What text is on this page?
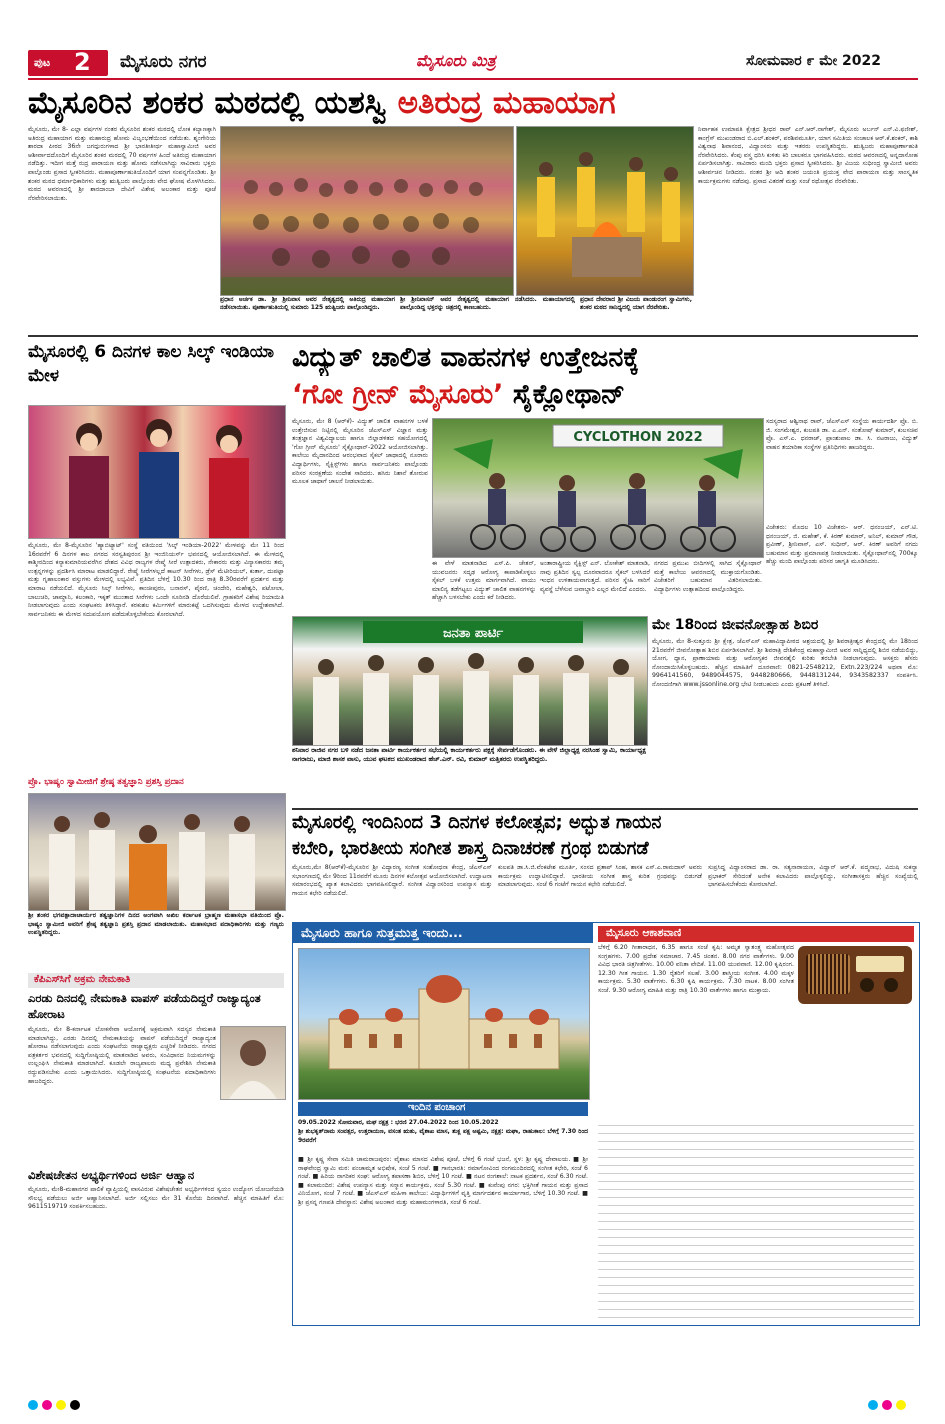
ಪುಟ 2 ಮೈಸೂರು ನಗರ	ಮೈಸೂರು ಮಿತ್ರ	ಸೋಮವಾರ ೯ ಮೇ 2022
ಮೈಸೂರಿನ ಶಂಕರ ಮಠದಲ್ಲಿ ಯಶಸ್ವಿ ಅತಿರುದ್ರ ಮಹಾಯಾಗ
ಮೈಸೂರು, ಮೇ 8- ಎಲ್ಲಾ ವರ್ಷಗಳ ನಂತರ ಮೈಸೂರಿನ ಶಂಕರ ಮಠದಲ್ಲಿ ಲೋಕ ಕಲ್ಯಾಣಕ್ಕಾಗಿ ಅತಿರುದ್ರ ಮಹಾಯಾಗ ಮತ್ತು ಮಹಾರುದ್ರ ಹೋಮ ವಿಜೃಂಭಣೆಯಿಂದ ನಡೆಯಿತು. ಶೃಂಗೇರಿಯ ಶಾರದಾ ಪೀಠದ 36ನೇ ಜಗದ್ಗುರುಗಳಾದ ಶ್ರೀ ಭಾರತೀತೀರ್ಥ ಮಹಾಸ್ವಾಮೀಜಿ ಅವರ ಆಶೀರ್ವಾದದೊಂದಿಗೆ ಮೈಸೂರಿನ ಶಂಕರ ಮಠದಲ್ಲಿ 70 ವರ್ಷಗಳ ಹಿಂದೆ ಅತಿರುದ್ರ ಮಹಾಯಾಗ ನಡೆದಿತ್ತು. ಇದೀಗ ಮತ್ತೆ ರುದ್ರ ಪಾರಾಯಣ ಮತ್ತು ಹೋಮ ನಡೆಸಲಾಗಿದ್ದು ಸಾವಿರಾರು ಭಕ್ತರು ಪಾಲ್ಗೊಂಡು ಪ್ರಸಾದ ಸ್ವೀಕರಿಸಿದರು. ಮಹಾಪೂರ್ಣಾಹುತಿಯೊಂದಿಗೆ ಯಾಗ ಸಂಪನ್ನಗೊಂಡಿತು. ಶ್ರೀ ಶಂಕರ ಮಠದ ಧರ್ಮಾಧಿಕಾರಿಗಳು ಮತ್ತು ಋತ್ವಿಜರು ಪಾಲ್ಗೊಂಡು ವೇದ ಘೋಷ ಮೊಳಗಿಸಿದರು. ಮಠದ ಆವರಣದಲ್ಲಿ ಶ್ರೀ ಶಾರದಾಂಬಾ ದೇವಿಗೆ ವಿಶೇಷ ಅಲಂಕಾರ ಮತ್ತು ಪೂಜೆ ನೆರವೇರಿಸಲಾಯಿತು.
ಪ್ರಧಾನ ಅರ್ಚಕ ಡಾ. ಶ್ರೀ ಶ್ರೀನಿವಾಸ ಅವರ ನೇತೃತ್ವದಲ್ಲಿ ಅತಿರುದ್ರ ಮಹಾಯಾಗ ನಡೆಸಲಾಯಿತು. ಪೂರ್ಣಾಹುತಿಯಲ್ಲಿ ಸುಮಾರು 125 ಋತ್ವಿಜರು ಪಾಲ್ಗೊಂಡಿದ್ದರು.
ಶ್ರೀ ಶ್ರೀನಿವಾಸನ್ ಅವರ ನೇತೃತ್ವದಲ್ಲಿ ಮಹಾಯಾಗ ನಡೆಸಿದರು. ಮಹಾಯಾಗದಲ್ಲಿ ಪಾಲ್ಗೊಂಡಿದ್ದ ಭಕ್ತರನ್ನು ಚಿತ್ರದಲ್ಲಿ ಕಾಣಬಹುದು.
ಪ್ರಧಾನ ದೇವರಾದ ಶ್ರೀ ವಿಜಯ ಪಾಂಡುರಂಗ ಸ್ವಾಮಿಗಳು, ಶಂಕರ ಮಠದ ಸಾನಿಧ್ಯದಲ್ಲಿ ಯಾಗ ನೆರವೇರಿತು.
ನಿರ್ವಾಹಕ ಉಮಾಪತಿ ಕ್ಷೇತ್ರದ ಶ್ರೀಧರ ರಾವ್ ಎನ್.ಆರ್.ನಾಗೇಶ್, ಮೈಸೂರು ಅರ್ಬನ್ ಎನ್.ವಿ.ಫಣೀಶ್, ಕಾಂಗ್ರೆಸ್ ಮುಖಂಡರಾದ ಬಿ.ಎಲ್.ಶಂಕರ್, ಪರಶಿವಮೂರ್ತಿ, ಯಾಗ ಸಮಿತಿಯ ಸಂಚಾಲಕ ಆರ್.ಕೆ.ಶಂಕರ್, ಕಾಶಿ ವಿಶ್ವನಾಥ ಶಿವಾನಂದ, ವಿದ್ವಾಂಸರು ಮತ್ತು ಇತರರು ಉಪಸ್ಥಿತರಿದ್ದರು. ಋತ್ವಿಜರು ಮಹಾಪೂರ್ಣಾಹುತಿ ನೆರವೇರಿಸಿದರು. ಕೆಂಪು ವಸ್ತ್ರ ಧರಿಸಿ ಕುಳಿತು ಕಿರಿ ಬಾಲಕರೂ ಭಾಗವಹಿಸಿದರು. ಮಠದ ಆವರಣದಲ್ಲಿ ಅನ್ನದಾಸೋಹ ಏರ್ಪಡಿಸಲಾಗಿತ್ತು. ಸಾವಿರಾರು ಮಂದಿ ಭಕ್ತರು ಪ್ರಸಾದ ಸ್ವೀಕರಿಸಿದರು. ಶ್ರೀ ವಿಜಯ ಸುಧೀಂದ್ರ ಸ್ವಾಮೀಜಿ ಅವರು ಆಶೀರ್ವಚನ ನೀಡಿದರು. ನಂತರ ಶ್ರೀ ಆದಿ ಶಂಕರ ಜಯಂತಿ ಪ್ರಯುಕ್ತ ವೇದ ಪಾರಾಯಣ ಮತ್ತು ಸಾಂಸ್ಕೃತಿಕ ಕಾರ್ಯಕ್ರಮಗಳು ನಡೆದವು. ಪ್ರಸಾದ ವಿತರಣೆ ಮತ್ತು ಸಂಜೆ ರಥೋತ್ಸವ ನೆರವೇರಿತು.
ಮೈಸೂರಲ್ಲಿ 6 ದಿನಗಳ ಕಾಲ ಸಿಲ್ಕ್ ಇಂಡಿಯಾ ಮೇಳ
ಮೈಸೂರು, ಮೇ 8-ಮೈಸೂರಿನ 'ಹ್ಯಾಬಿಟ್ಯಾಟ್' ಸಂಸ್ಥೆ ವತಿಯಿಂದ 'ಸಿಲ್ಕ್ ಇಂಡಿಯಾ-2022' ಮೇಳವನ್ನು ಮೇ 11 ರಿಂದ 16ರವರೆಗೆ 6 ದಿನಗಳ ಕಾಲ ನಗರದ ಸರಸ್ವತಿಪುರಂನ ಶ್ರೀ ಇಂಜಿನಿಯರ್ಸ್ ಭವನದಲ್ಲಿ ಆಯೋಜಿಸಲಾಗಿದೆ. ಈ ಮೇಳದಲ್ಲಿ ಕಾಶ್ಮೀರದಿಂದ ಕನ್ಯಾಕುಮಾರಿಯವರೆಗಿನ ದೇಶದ ವಿವಿಧ ರಾಜ್ಯಗಳ ರೇಷ್ಮೆ ಸೀರೆ ಉತ್ಪಾದಕರು, ನೇಕಾರರು ಮತ್ತು ವಿನ್ಯಾಸಕಾರರು ತಮ್ಮ ಉತ್ಪನ್ನಗಳನ್ನು ಪ್ರದರ್ಶಿಸಿ ಮಾರಾಟ ಮಾಡಲಿದ್ದಾರೆ. ರೇಷ್ಮೆ ಸೀರೆಗಳಲ್ಲದೆ ಕಾಟನ್ ಸೀರೆಗಳು, ಡ್ರೆಸ್ ಮೆಟೀರಿಯಲ್, ಕುರ್ತಾ, ದುಪಟ್ಟಾ ಮತ್ತು ಗೃಹಾಲಂಕಾರ ವಸ್ತುಗಳು ಮೇಳದಲ್ಲಿ ಲಭ್ಯವಿವೆ. ಪ್ರತಿದಿನ ಬೆಳಿಗ್ಗೆ 10.30 ರಿಂದ ರಾತ್ರಿ 8.30ರವರೆಗೆ ಪ್ರದರ್ಶನ ಮತ್ತು ಮಾರಾಟ ನಡೆಯಲಿದೆ. ಮೈಸೂರು ಸಿಲ್ಕ್ ಸೀರೆಗಳು, ಕಾಂಚೀಪುರಂ, ಬನಾರಸ್, ಪೈಠಣಿ, ಚಂದೇರಿ, ಮಹೇಶ್ವರಿ, ಪಟೋಲಾ, ಬಾಲುಚರಿ, ಜಾಮ್ದಾನಿ, ಕಲಂಕಾರಿ, ಇಕ್ಕತ್ ಮುಂತಾದ ಸೀರೆಗಳು ಒಂದೇ ಸೂರಿನಡಿ ದೊರೆಯಲಿವೆ. ಗ್ರಾಹಕರಿಗೆ ವಿಶೇಷ ರಿಯಾಯಿತಿ ನೀಡಲಾಗುವುದು ಎಂದು ಸಂಘಟಕರು ತಿಳಿಸಿದ್ದಾರೆ. ಕರಕುಶಲ ಕರ್ಮಿಗಳಿಗೆ ಮಾರುಕಟ್ಟೆ ಒದಗಿಸುವುದು ಮೇಳದ ಉದ್ದೇಶವಾಗಿದೆ. ಸಾರ್ವಜನಿಕರು ಈ ಮೇಳದ ಸದುಪಯೋಗ ಪಡೆದುಕೊಳ್ಳಬೇಕೆಂದು ಕೋರಲಾಗಿದೆ.
ಪ್ರೊ. ಭಾಷ್ಯಂ ಸ್ವಾಮೀಜಿಗೆ ಶ್ರೇಷ್ಠ ತತ್ವಜ್ಞಾನಿ ಪ್ರಶಸ್ತಿ ಪ್ರದಾನ
ಶ್ರೀ ಶಂಕರ ಭಗವತ್ಪಾದಾಚಾರ್ಯರ ತತ್ವಜ್ಞಾನಿಗಳ ದಿನದ ಅಂಗವಾಗಿ ಅಖಿಲ ಕರ್ನಾಟಕ ಬ್ರಾಹ್ಮಣ ಮಹಾಸಭಾ ವತಿಯಿಂದ ಪ್ರೊ. ಭಾಷ್ಯಂ ಸ್ವಾಮೀಜಿ ಅವರಿಗೆ ಶ್ರೇಷ್ಠ ತತ್ವಜ್ಞಾನಿ ಪ್ರಶಸ್ತಿ ಪ್ರದಾನ ಮಾಡಲಾಯಿತು. ಮಹಾಸಭಾದ ಪದಾಧಿಕಾರಿಗಳು ಮತ್ತು ಗಣ್ಯರು ಉಪಸ್ಥಿತರಿದ್ದರು.
ಕೆಪಿಎಸ್‍ಸಿಗೆ ಅಕ್ರಮ ನೇಮಕಾತಿ
ಎರಡು ದಿನದಲ್ಲಿ ನೇಮಕಾತಿ ವಾಪಸ್ ಪಡೆಯದಿದ್ದರೆ ರಾಜ್ಯಾದ್ಯಂತ ಹೋರಾಟ
ಮೈಸೂರು, ಮೇ 8-ಕರ್ನಾಟಕ ಲೋಕಸೇವಾ ಆಯೋಗಕ್ಕೆ ಅಕ್ರಮವಾಗಿ ಸದಸ್ಯರ ನೇಮಕಾತಿ ಮಾಡಲಾಗಿದ್ದು, ಎರಡು ದಿನದಲ್ಲಿ ನೇಮಕಾತಿಯನ್ನು ವಾಪಸ್ ಪಡೆಯದಿದ್ದರೆ ರಾಜ್ಯಾದ್ಯಂತ ಹೋರಾಟ ನಡೆಸಲಾಗುವುದು ಎಂದು ಸಂಘಟನೆಯ ರಾಜ್ಯಾಧ್ಯಕ್ಷರು ಎಚ್ಚರಿಕೆ ನೀಡಿದರು. ನಗರದ ಪತ್ರಕರ್ತರ ಭವನದಲ್ಲಿ ಸುದ್ದಿಗೋಷ್ಠಿಯಲ್ಲಿ ಮಾತನಾಡಿದ ಅವರು, ಸಂವಿಧಾನದ ನಿಯಮಗಳನ್ನು ಉಲ್ಲಂಘಿಸಿ ನೇಮಕಾತಿ ಮಾಡಲಾಗಿದೆ. ಕೂಡಲೇ ರಾಜ್ಯಪಾಲರು ಮಧ್ಯ ಪ್ರವೇಶಿಸಿ ನೇಮಕಾತಿ ರದ್ದುಪಡಿಸಬೇಕು ಎಂದು ಒತ್ತಾಯಿಸಿದರು. ಸುದ್ದಿಗೋಷ್ಠಿಯಲ್ಲಿ ಸಂಘಟನೆಯ ಪದಾಧಿಕಾರಿಗಳು ಹಾಜರಿದ್ದರು.
ವಿಶೇಷಚೇತನ ಅಭ್ಯರ್ಥಿಗಳಿಂದ ಅರ್ಜಿ ಆಹ್ವಾನ
ಮೈಸೂರು, ಮೇ8-ಮಹಾನಗರ ಪಾಲಿಕೆ ವ್ಯಾಪ್ತಿಯಲ್ಲಿ ವಾಸವಿರುವ ವಿಶೇಷಚೇತನ ಅಭ್ಯರ್ಥಿಗಳಿಂದ ಸ್ವಯಂ ಉದ್ಯೋಗ ಯೋಜನೆಯಡಿ ಸೌಲಭ್ಯ ಪಡೆಯಲು ಅರ್ಜಿ ಆಹ್ವಾನಿಸಲಾಗಿದೆ. ಅರ್ಜಿ ಸಲ್ಲಿಸಲು ಮೇ 31 ಕೊನೆಯ ದಿನವಾಗಿದೆ. ಹೆಚ್ಚಿನ ಮಾಹಿತಿಗೆ ಮೊ: 9611519719 ಸಂಪರ್ಕಿಸಬಹುದು.
ವಿದ್ಯುತ್ ಚಾಲಿತ ವಾಹನಗಳ ಉತ್ತೇಜನಕ್ಕೆ
‘ಗೋ ಗ್ರೀನ್ ಮೈಸೂರು’ ಸೈಕ್ಲೋಥಾನ್
ಮೈಸೂರು, ಮೇ 8 (ಆರ್‌ಕೆ)- ವಿದ್ಯುತ್ ಚಾಲಿತ ವಾಹನಗಳ ಬಳಕೆ ಉತ್ತೇಜಿಸುವ ನಿಟ್ಟಿನಲ್ಲಿ ಮೈಸೂರಿನ ಜೆಎಸ್‌ಎಸ್ ವಿಜ್ಞಾನ ಮತ್ತು ತಂತ್ರಜ್ಞಾನ ವಿಶ್ವವಿದ್ಯಾಲಯ ಹಾಗೂ ಜಿಲ್ಲಾಡಳಿತದ ಸಹಯೋಗದಲ್ಲಿ 'ಗೋ ಗ್ರೀನ್ ಮೈಸೂರು' ಸೈಕ್ಲೋಥಾನ್-2022 ಆಯೋಜಿಸಲಾಗಿತ್ತು. ಕಾಲೇಜು ಮೈದಾನದಿಂದ ಆರಂಭವಾದ ಸೈಕಲ್ ಜಾಥಾದಲ್ಲಿ ನೂರಾರು ವಿದ್ಯಾರ್ಥಿಗಳು, ಸೈಕ್ಲಿಸ್ಟ್‌ಗಳು ಹಾಗೂ ಸಾರ್ವಜನಿಕರು ಪಾಲ್ಗೊಂಡು ಪರಿಸರ ಸಂರಕ್ಷಣೆಯ ಸಂದೇಶ ಸಾರಿದರು. ಹಸಿರು ನಿಶಾನೆ ತೋರುವ ಮೂಲಕ ಜಾಥಾಗೆ ಚಾಲನೆ ನೀಡಲಾಯಿತು.
CYCLOTHON 2022
ಈ ವೇಳೆ ಮಾತನಾಡಿದ ಎಸ್.ಪಿ. ಚೇತನ್, ಯುವಜನರು ಸದೃಢ ಆರೋಗ್ಯ ಕಾಪಾಡಿಕೊಳ್ಳಲು ಸೈಕಲ್ ಬಳಕೆ ಉತ್ತಮ ಮಾರ್ಗವಾಗಿದೆ. ವಾಯು ಮಾಲಿನ್ಯ ತಡೆಗಟ್ಟಲು ವಿದ್ಯುತ್ ಚಾಲಿತ ವಾಹನಗಳನ್ನು ಹೆಚ್ಚಾಗಿ ಬಳಸಬೇಕು ಎಂದು ಕರೆ ನೀಡಿದರು.
ಅಂತಾರಾಷ್ಟ್ರೀಯ ಸೈಕ್ಲಿಸ್ಟ್ ಎನ್. ಲೋಕೇಶ್ ಮಾತನಾಡಿ, ನಾವು ಪ್ರತಿದಿನ ಸ್ವಲ್ಪ ದೂರವಾದರೂ ಸೈಕಲ್ ಬಳಸಿದರೆ ಇಂಧನ ಉಳಿತಾಯವಾಗುತ್ತದೆ. ಪರಿಸರ ಸ್ನೇಹಿ ಸಾರಿಗೆ ವ್ಯವಸ್ಥೆ ಬೆಳೆಸುವ ಜವಾಬ್ದಾರಿ ಎಲ್ಲರ ಮೇಲಿದೆ ಎಂದರು.
ನಗರದ ಪ್ರಮುಖ ಬೀದಿಗಳಲ್ಲಿ ಸಾಗಿದ ಸೈಕ್ಲೋಥಾನ್ ಮತ್ತೆ ಕಾಲೇಜು ಆವರಣದಲ್ಲಿ ಮುಕ್ತಾಯಗೊಂಡಿತು. ವಿಜೇತರಿಗೆ ಬಹುಮಾನ ವಿತರಿಸಲಾಯಿತು. ವಿದ್ಯಾರ್ಥಿಗಳು ಉತ್ಸಾಹದಿಂದ ಪಾಲ್ಗೊಂಡಿದ್ದರು.
ಸದಸ್ಯರಾದ ಆಶ್ವಿನಾಥ ರಾವ್, ಜೆಎಸ್‌ಎಸ್ ಸಂಸ್ಥೆಯ ಕಾರ್ಯದರ್ಶಿ ಪ್ರೊ. ಬಿ. ಜಿ. ಸಂಗಮೇಶ್ವರ, ಕುಲಪತಿ ಡಾ. ಎ.ಎನ್. ಸಂತೋಷ್ ಕುಮಾರ್, ಕುಲಸಚಿವ ಪ್ರೊ. ಎಸ್.ಎ. ಧನರಾಜ್, ಪ್ರಾಂಶುಪಾಲ ಡಾ. ಸಿ. ನಟರಾಜು, ವಿದ್ಯುತ್ ವಾಹನ ತಯಾರಿಕಾ ಸಂಸ್ಥೆಗಳ ಪ್ರತಿನಿಧಿಗಳು ಹಾಜರಿದ್ದರು.
ವಿಜೇತರು: ಮೊದಲ 10 ವಿಜೇತರು- ಆರ್. ಧನಂಜಯ್, ಎನ್.ಟಿ. ಧನಂಜಯ್, ಜಿ. ಮಹೇಶ್, ಕೆ. ಕಿರಣ್ ಕುಮಾರ್, ಅನಿಲ್, ಕುಮಾರ್ ಗೌಡ, ಪ್ರವೀಣ್, ಶ್ರೀನಿವಾಸ್, ಎಸ್. ಸುಧೀರ್, ಆರ್. ಕಿರಣ್ ಅವರಿಗೆ ನಗದು ಬಹುಮಾನ ಮತ್ತು ಪ್ರಮಾಣಪತ್ರ ನೀಡಲಾಯಿತು. ಸೈಕ್ಲೋಥಾನ್‌ನಲ್ಲಿ 700ಕ್ಕೂ ಹೆಚ್ಚು ಮಂದಿ ಪಾಲ್ಗೊಂಡು ಪರಿಸರ ಜಾಗೃತಿ ಮೂಡಿಸಿದರು.
ಜನತಾ ಪಾರ್ಟಿ
ಶನಿವಾರ ರಾಜಿವ ನಗರ ಬಳಿ ನಡೆದ ಜನತಾ ಪಾರ್ಟಿ ಕಾರ್ಯಕರ್ತರ ಸಭೆಯಲ್ಲಿ ಕಾರ್ಯಕರ್ತರು ಪಕ್ಷಕ್ಕೆ ಸೇರ್ಪಡೆಗೊಂಡರು. ಈ ವೇಳೆ ಜಿಲ್ಲಾಧ್ಯಕ್ಷ ನರಸಿಂಹ ಸ್ವಾಮಿ, ಕಾರ್ಯಾಧ್ಯಕ್ಷ ನಾಗರಾಜು, ಮಾಜಿ ಶಾಸಕ ವಾಸು, ಯುವ ಘಟಕದ ಮುಖಂಡರಾದ ಹೆಚ್.ಎನ್. ರವಿ, ಕುಮಾರ್ ಮತ್ತಿತರರು ಉಪಸ್ಥಿತರಿದ್ದರು.
ಮೇ 18ರಿಂದ ಜೀವನೋತ್ಸಾಹ ಶಿಬಿರ
ಮೈಸೂರು, ಮೇ 8-ಸುತ್ತೂರು ಶ್ರೀ ಕ್ಷೇತ್ರ, ಜೆಎಸ್‌ಎಸ್ ಮಹಾವಿದ್ಯಾಪೀಠದ ಆಶ್ರಯದಲ್ಲಿ ಶ್ರೀ ಶಿವರಾತ್ರೀಶ್ವರ ಕೇಂದ್ರದಲ್ಲಿ ಮೇ 18ರಿಂದ 21ರವರೆಗೆ ಜೀವನೋತ್ಸಾಹ ಶಿಬಿರ ಏರ್ಪಡಿಸಲಾಗಿದೆ. ಶ್ರೀ ಶಿವರಾತ್ರಿ ದೇಶಿಕೇಂದ್ರ ಮಹಾಸ್ವಾಮೀಜಿ ಅವರ ಸಾನ್ನಿಧ್ಯದಲ್ಲಿ ಶಿಬಿರ ನಡೆಯಲಿದ್ದು, ಯೋಗ, ಧ್ಯಾನ, ಪ್ರಾಣಾಯಾಮ ಮತ್ತು ಆರೋಗ್ಯಕರ ಜೀವನಶೈಲಿ ಕುರಿತು ತರಬೇತಿ ನೀಡಲಾಗುವುದು. ಆಸಕ್ತರು ಹೆಸರು ನೋಂದಾಯಿಸಿಕೊಳ್ಳಬಹುದು. ಹೆಚ್ಚಿನ ಮಾಹಿತಿಗೆ ದೂರವಾಣಿ: 0821-2548212, Extn.223/224 ಅಥವಾ ಮೊ: 9964141560, 9489044575, 9448280666, 9448131244, 9343582337 ಸಂಪರ್ಕಿಸಿ. ನೋಂದಣಿಗಾಗಿ www.jssonline.org ಭೇಟಿ ನೀಡಬಹುದು ಎಂದು ಪ್ರಕಟಣೆ ತಿಳಿಸಿದೆ.
ಮೈಸೂರಲ್ಲಿ ಇಂದಿನಿಂದ 3 ದಿನಗಳ ಕಲೋತ್ಸವ; ಅದ್ಭುತ ಗಾಯನ
ಕಬೇರಿ, ಭಾರತೀಯ ಸಂಗೀತ ಶಾಸ್ತ್ರ ದಿನಾಚರಣೆ ಗ್ರಂಥ ಬಿಡುಗಡೆ
ಮೈಸೂರು,ಮೇ 8(ಆರ್‌ಕೆ)-ಮೈಸೂರಿನ ಶ್ರೀ ವಿದ್ಯಾರಣ್ಯ ಸಂಗೀತ ಸಂಶೋಧನಾ ಕೇಂದ್ರ, ಜೆಎಸ್‌ಎಸ್ ಸಭಾಂಗಣದಲ್ಲಿ ಮೇ 9ರಿಂದ 11ರವರೆಗೆ ಮೂರು ದಿನಗಳ ಕಲೋತ್ಸವ ಆಯೋಜಿಸಲಾಗಿದೆ. ಉದ್ಘಾಟನಾ ಸಮಾರಂಭದಲ್ಲಿ ಖ್ಯಾತ ಕಲಾವಿದರು ಭಾಗವಹಿಸಲಿದ್ದಾರೆ. ಸಂಗೀತ ವಿದ್ವಾಂಸರಿಂದ ಉಪನ್ಯಾಸ ಮತ್ತು ಗಾಯನ ಕಛೇರಿ ನಡೆಯಲಿದೆ.
ಕುಲಪತಿ ಡಾ.ಸಿ.ಜಿ.ವೆಂಕಟೇಶ ಮೂರ್ತಿ, ಸಂಸದ ಪ್ರತಾಪ್ ಸಿಂಹ, ಶಾಸಕ ಎಸ್.ಎ.ರಾಮದಾಸ್ ಅವರು ಕಾರ್ಯಕ್ರಮ ಉದ್ಘಾಟಿಸಲಿದ್ದಾರೆ. ಭಾರತೀಯ ಸಂಗೀತ ಶಾಸ್ತ್ರ ಕುರಿತ ಗ್ರಂಥವನ್ನು ಬಿಡುಗಡೆ ಮಾಡಲಾಗುವುದು. ಸಂಜೆ 6 ಗಂಟೆಗೆ ಗಾಯನ ಕಛೇರಿ ನಡೆಯಲಿದೆ.
ಸುಪ್ರಸಿದ್ಧ ವಿದ್ವಾಂಸರಾದ ಡಾ. ರಾ. ಸತ್ಯನಾರಾಯಣ, ವಿದ್ವಾನ್ ಆರ್.ಕೆ. ಪದ್ಮನಾಭ, ವಿದುಷಿ ಸುಕನ್ಯಾ ಪ್ರಭಾಕರ್ ಸೇರಿದಂತೆ ಅನೇಕ ಕಲಾವಿದರು ಪಾಲ್ಗೊಳ್ಳಲಿದ್ದು, ಸಂಗೀತಾಸಕ್ತರು ಹೆಚ್ಚಿನ ಸಂಖ್ಯೆಯಲ್ಲಿ ಭಾಗವಹಿಸಬೇಕೆಂದು ಕೋರಲಾಗಿದೆ.
ಮೈಸೂರು ಹಾಗೂ ಸುತ್ತಮುತ್ತ ಇಂದು...	ಮೈಸೂರು ಆಕಾಶವಾಣಿ
ಬೆಳಿಗ್ಗೆ 6.20 ಗೀತಾರಾಧನ, 6.35 ಹಾಗೂ ಸಂಜೆ ಕೃಷಿ: ಅಮೃತ ಸ್ವಾತಂತ್ರ್ಯ ಮಹೋತ್ಸವದ ಸಂಗ್ರಹಗಳು. 7.00 ಪ್ರದೇಶ ಸಮಾಚಾರ. 7.45 ಚಿಂತನ. 8.00 ನಗರ ವಾರ್ತೆಗಳು. 9.00 ವಿವಿಧ ಭಾರತಿ ಚಿತ್ರಗೀತೆಗಳು. 10.00 ವನಿತಾ ವೇದಿಕೆ. 11.00 ಯುವವಾಣಿ. 12.00 ಕೃಷಿರಂಗ. 12.30 ಗೀತ ಗಾಯನ. 1.30 ರೈತರಿಗೆ ಸಲಹೆ. 3.00 ಶಾಸ್ತ್ರೀಯ ಸಂಗೀತ. 4.00 ಮಕ್ಕಳ ಕಾರ್ಯಕ್ರಮ. 5.30 ವಾರ್ತೆಗಳು. 6.30 ಕೃಷಿ ಕಾರ್ಯಕ್ರಮ. 7.30 ನಾಟಕ. 8.00 ಸಂಗೀತ ಸಂಜೆ. 9.30 ಆರೋಗ್ಯ ಮಾಹಿತಿ ಮತ್ತು ರಾತ್ರಿ 10.30 ವಾರ್ತೆಗಳು ಹಾಗೂ ಮುಕ್ತಾಯ.
ಇಂದಿನ ಪಂಚಾಂಗ
09.05.2022 ಸೋಮವಾರ, ಮಘ ನಕ್ಷತ್ರ : ಭರಣಿ 27.04.2022 ರಿಂದ 10.05.2022
ಶ್ರೀ ಶುಭಕೃತ್‌ನಾಮ ಸಂವತ್ಸರ, ಉತ್ತರಾಯಣ, ವಸಂತ ಋತು, ವೈಶಾಖ ಮಾಸ, ಶುಕ್ಲ ಪಕ್ಷ ಅಷ್ಟಮಿ, ನಕ್ಷತ್ರ: ಮಘಾ, ರಾಹುಕಾಲ: ಬೆಳಿಗ್ಗೆ 7.30 ರಿಂದ 9ರವರೆಗೆ
■ ಶ್ರೀ ಕೃಷ್ಣ ಸೇವಾ ಸಮಿತಿ ಚಾಮರಾಜಪುರಂ: ವೈಶಾಖ ಮಾಸದ ವಿಶೇಷ ಪೂಜೆ, ಬೆಳಿಗ್ಗೆ 6 ಗಂಟೆ ಭಜನೆ, ಸ್ಥಳ: ಶ್ರೀ ಕೃಷ್ಣ ದೇವಾಲಯ. ■ ಶ್ರೀ ರಾಘವೇಂದ್ರ ಸ್ವಾಮಿ ಮಠ: ಪಂಚಾಮೃತ ಅಭಿಷೇಕ, ಸಂಜೆ 5 ಗಂಟೆ. ■ ಗಾನಭಾರತಿ: ರಮಾಗೋವಿಂದ ರಂಗಮಂದಿರದಲ್ಲಿ ಸಂಗೀತ ಕಛೇರಿ, ಸಂಜೆ 6 ಗಂಟೆ. ■ ಹಿರಿಯ ನಾಗರಿಕರ ಸಂಘ: ಆರೋಗ್ಯ ತಪಾಸಣಾ ಶಿಬಿರ, ಬೆಳಿಗ್ಗೆ 10 ಗಂಟೆ. ■ ನಟನ ರಂಗಶಾಲೆ: ನಾಟಕ ಪ್ರದರ್ಶನ, ಸಂಜೆ 6.30 ಗಂಟೆ. ■ ಕಲಾಮಂದಿರ: ವಿಶೇಷ ಉಪನ್ಯಾಸ ಮತ್ತು ಸನ್ಮಾನ ಕಾರ್ಯಕ್ರಮ, ಸಂಜೆ 5.30 ಗಂಟೆ. ■ ಕುವೆಂಪು ನಗರ: ಭಕ್ತಿಗೀತೆ ಗಾಯನ ಮತ್ತು ಪ್ರಸಾದ ವಿನಿಯೋಗ, ಸಂಜೆ 7 ಗಂಟೆ. ■ ಜೆಎಸ್‌ಎಸ್ ಮಹಿಳಾ ಕಾಲೇಜು: ವಿದ್ಯಾರ್ಥಿಗಳಿಗೆ ವೃತ್ತಿ ಮಾರ್ಗದರ್ಶನ ಕಾರ್ಯಾಗಾರ, ಬೆಳಿಗ್ಗೆ 10.30 ಗಂಟೆ. ■ ಶ್ರೀ ಪ್ರಸನ್ನ ಗಣಪತಿ ದೇವಸ್ಥಾನ: ವಿಶೇಷ ಅಲಂಕಾರ ಮತ್ತು ಮಹಾಮಂಗಳಾರತಿ, ಸಂಜೆ 6 ಗಂಟೆ.
